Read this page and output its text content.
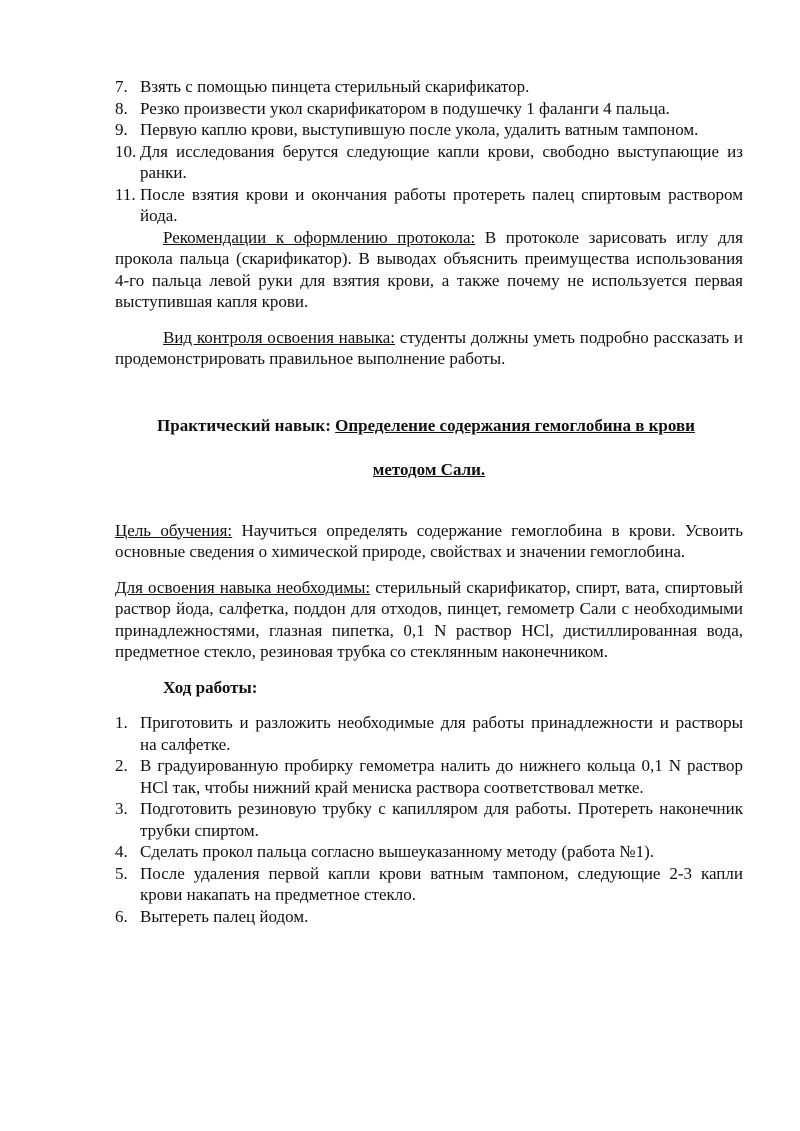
7. Взять с помощью пинцета стерильный скарификатор.
8. Резко произвести укол скарификатором в подушечку 1 фаланги 4 пальца.
9. Первую каплю крови, выступившую после укола, удалить ватным тампоном.
10. Для исследования берутся следующие капли крови, свободно выступающие из ранки.
11. После взятия крови и окончания работы протереть палец спиртовым раствором йода.

Рекомендации к оформлению протокола: В протоколе зарисовать иглу для прокола пальца (скарификатор). В выводах объяснить преимущества использования 4-го пальца левой руки для взятия крови, а также почему не используется первая выступившая капля крови.

Вид контроля освоения навыка: студенты должны уметь подробно рассказать и продемонстрировать правильное выполнение работы.

Практический навык: Определение содержания гемоглобина в крови

методом Сали.

Цель обучения: Научиться определять содержание гемоглобина в крови. Усвоить основные сведения о химической природе, свойствах и значении гемоглобина.

Для освоения навыка необходимы: стерильный скарификатор, спирт, вата, спиртовый раствор йода, салфетка, поддон для отходов, пинцет, гемометр Сали с необходимыми принадлежностями, глазная пипетка, 0,1 N раствор HCl, дистиллированная вода, предметное стекло, резиновая трубка со стеклянным наконечником.

Ход работы:

1. Приготовить и разложить необходимые для работы принадлежности и растворы на салфетке.
2. В градуированную пробирку гемометра налить до нижнего кольца 0,1 N раствор HCl так, чтобы нижний край мениска раствора соответствовал метке.
3. Подготовить резиновую трубку с капилляром для работы. Протереть наконечник трубки спиртом.
4. Сделать прокол пальца согласно вышеуказанному методу (работа №1).
5. После удаления первой капли крови ватным тампоном, следующие 2-3 капли крови накапать на предметное стекло.
6. Вытереть палец йодом.
